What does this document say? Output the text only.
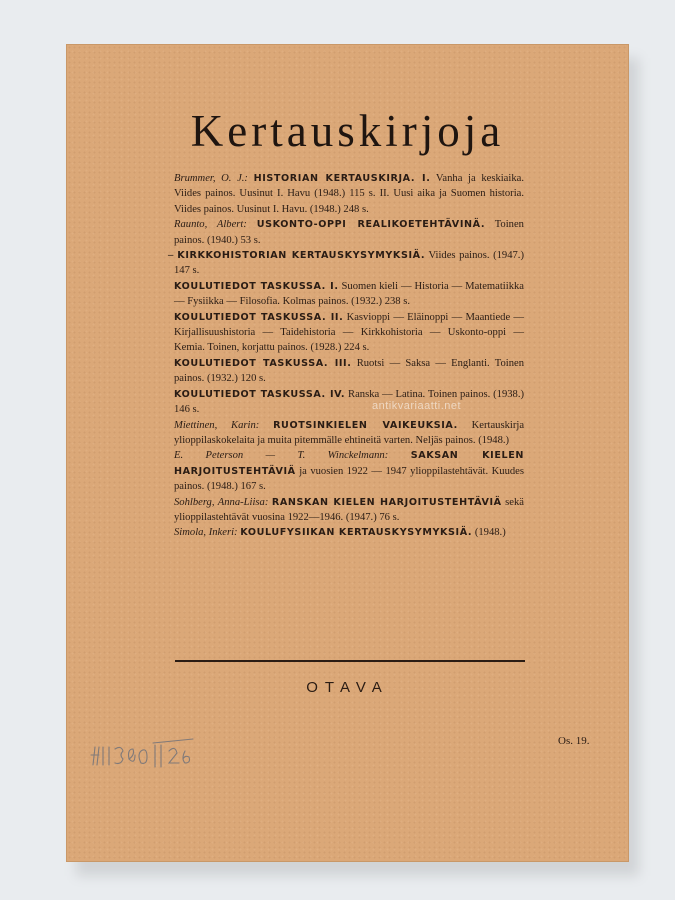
Kertauskirjoja

Brummer, O. J.: HISTORIAN KERTAUSKIRJA. I. Vanha ja keskiaika. Viides painos. Uusinut I. Havu (1948.) 115 s. II. Uusi aika ja Suomen historia. Viides painos. Uusinut I. Havu. (1948.) 248 s.

Raunto, Albert: USKONTO-OPPI REALIKOETEHTÄVINÄ. Toinen painos. (1940.) 53 s.

– KIRKKOHISTORIAN KERTAUSKYSYMYKSIÄ. Viides painos. (1947.) 147 s.

KOULUTIEDOT TASKUSSA. I. Suomen kieli — Historia — Matematiikka — Fysiikka — Filosofia. Kolmas painos. (1932.) 238 s.

KOULUTIEDOT TASKUSSA. II. Kasvioppi — Eläinoppi — Maantiede — Kirjallisuushistoria — Taidehistoria — Kirkkohistoria — Uskonto-oppi — Kemia. Toinen, korjattu painos. (1928.) 224 s.

KOULUTIEDOT TASKUSSA. III. Ruotsi — Saksa — Englanti. Toinen painos. (1932.) 120 s.

KOULUTIEDOT TASKUSSA. IV. Ranska — Latina. Toinen painos. (1938.) 146 s.

Miettinen, Karin: RUOTSINKIELEN VAIKEUKSIA. Kertauskirja ylioppilaskokelaita ja muita pitemmälle ehtineitä varten. Neljäs painos. (1948.)

E. Peterson — T. Winckelmann: SAKSAN KIELEN HARJOITUSTEHTÄVIÄ ja vuosien 1922 — 1947 ylioppilastehtävät. Kuudes painos. (1948.) 167 s.

Sohlberg, Anna-Liisa: RANSKAN KIELEN HARJOITUSTEHTÄVIÄ sekä ylioppilastehtävät vuosina 1922—1946. (1947.) 76 s.

Simola, Inkeri: KOULUFYSIIKAN KERTAUSKYSYMYKSIÄ. (1948.)

antikvariaatti.net
OTAVA
Os. 19.
